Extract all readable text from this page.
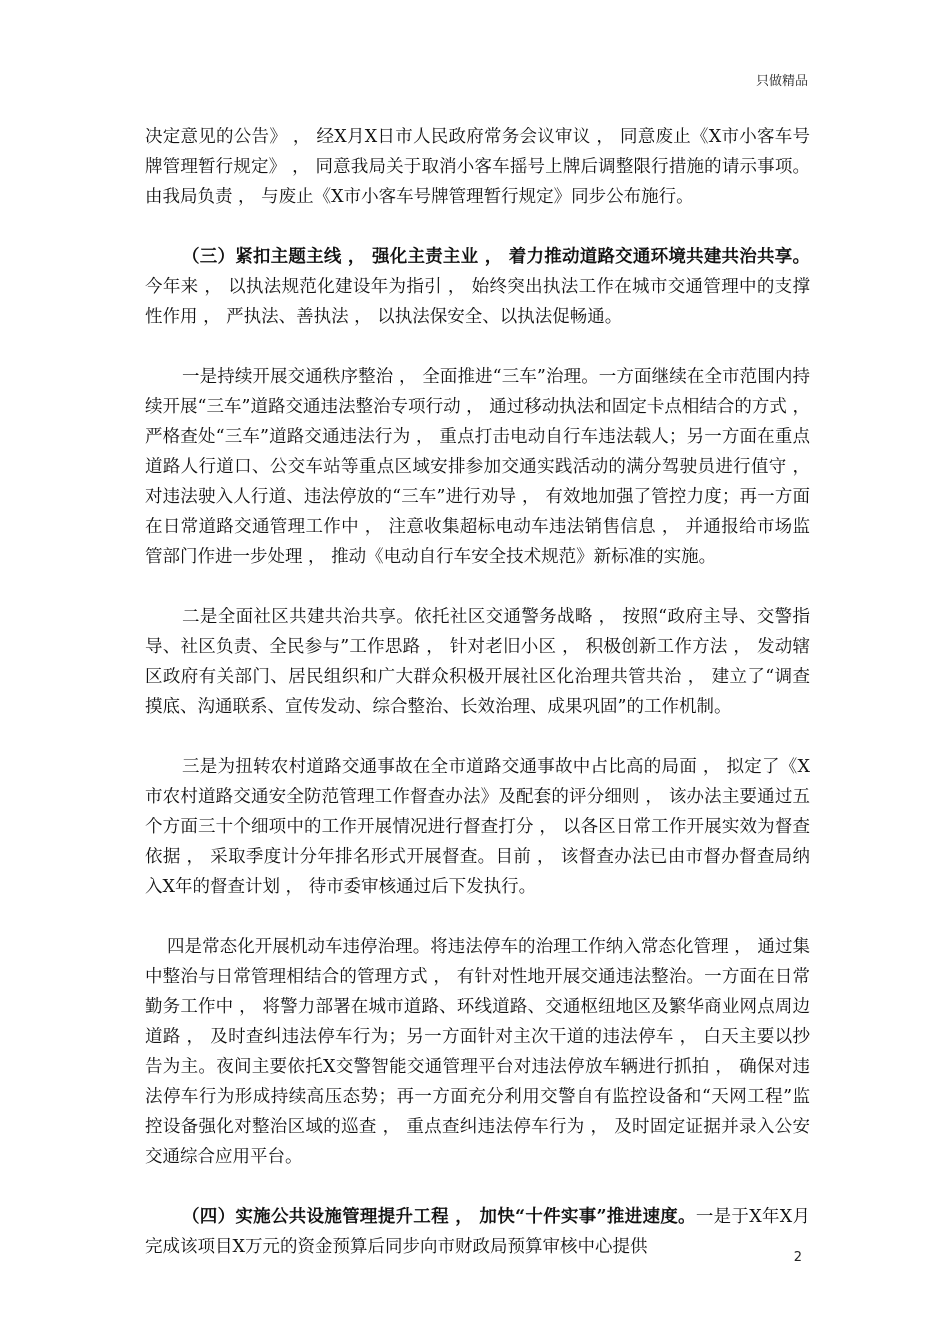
只做精品

决定意见的公告》 ， 经X月X日市人民政府常务会议审议 ， 同意废止《X市小客车号牌管理暂行规定》 ， 同意我局关于取消小客车摇号上牌后调整限行措施的请示事项。由我局负责 ， 与废止《X市小客车号牌管理暂行规定》同步公布施行。

（三）紧扣主题主线 ， 强化主责主业 ， 着力推动道路交通环境共建共治共享。今年来 ， 以执法规范化建设年为指引 ， 始终突出执法工作在城市交通管理中的支撑性作用 ， 严执法、善执法 ， 以执法保安全、以执法促畅通。

一是持续开展交通秩序整治 ， 全面推进“三车”治理。一方面继续在全市范围内持续开展“三车”道路交通违法整治专项行动 ， 通过移动执法和固定卡点相结合的方式 ， 严格查处“三车”道路交通违法行为 ， 重点打击电动自行车违法载人；另一方面在重点道路人行道口、公交车站等重点区域安排参加交通实践活动的满分驾驶员进行值守 ， 对违法驶入人行道、违法停放的“三车”进行劝导 ， 有效地加强了管控力度；再一方面在日常道路交通管理工作中 ， 注意收集超标电动车违法销售信息 ， 并通报给市场监管部门作进一步处理 ， 推动《电动自行车安全技术规范》新标准的实施。

二是全面社区共建共治共享。依托社区交通警务战略 ， 按照“政府主导、交警指导、社区负责、全民参与”工作思路 ， 针对老旧小区 ， 积极创新工作方法 ， 发动辖区政府有关部门、居民组织和广大群众积极开展社区化治理共管共治 ， 建立了“调查摸底、沟通联系、宣传发动、综合整治、长效治理、成果巩固”的工作机制。

三是为扭转农村道路交通事故在全市道路交通事故中占比高的局面 ， 拟定了《X市农村道路交通安全防范管理工作督查办法》及配套的评分细则 ， 该办法主要通过五个方面三十个细项中的工作开展情况进行督查打分 ， 以各区日常工作开展实效为督查依据 ， 采取季度计分年排名形式开展督查。目前 ， 该督查办法已由市督办督查局纳入X年的督查计划 ， 待市委审核通过后下发执行。

四是常态化开展机动车违停治理。将违法停车的治理工作纳入常态化管理 ， 通过集中整治与日常管理相结合的管理方式 ， 有针对性地开展交通违法整治。一方面在日常勤务工作中 ， 将警力部署在城市道路、环线道路、交通枢纽地区及繁华商业网点周边道路 ， 及时查纠违法停车行为；另一方面针对主次干道的违法停车 ， 白天主要以抄告为主。夜间主要依托X交警智能交通管理平台对违法停放车辆进行抓拍 ， 确保对违法停车行为形成持续高压态势；再一方面充分利用交警自有监控设备和“天网工程”监控设备强化对整治区域的巡查 ， 重点查纠违法停车行为 ， 及时固定证据并录入公安交通综合应用平台。

（四）实施公共设施管理提升工程 ， 加快“十件实事”推进速度。一是于X年X月完成该项目X万元的资金预算后同步向市财政局预算审核中心提供

2
